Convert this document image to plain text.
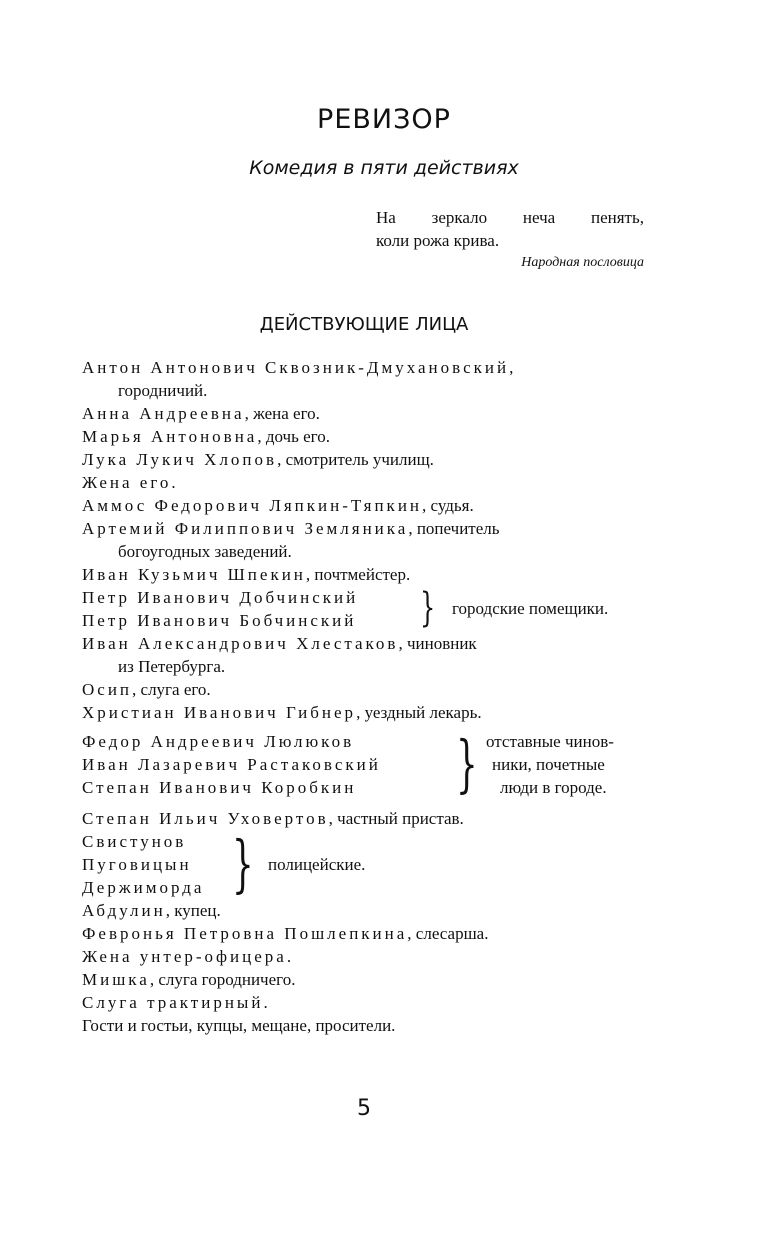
РЕВИЗОР
Комедия в пяти действиях
На зеркало неча пенять,
коли рожа крива.
Народная пословица
ДЕЙСТВУЮЩИЕ ЛИЦА
Антон Антонович Сквозник-Дмухановский,
городничий.
Анна Андреевна, жена его.
Марья Антоновна, дочь его.
Лука Лукич Хлопов, смотритель училищ.
Жена его.
Аммос Федорович Ляпкин-Тяпкин, судья.
Артемий Филиппович Земляника, попечитель
богоугодных заведений.
Иван Кузьмич Шпекин, почтмейстер.
Петр Иванович Добчинский
Петр Иванович Бобчинский	} городские помещики.
Иван Александрович Хлестаков, чиновник
из Петербурга.
Осип, слуга его.
Христиан Иванович Гибнер, уездный лекарь.
Федор Андреевич Люлюков
Иван Лазаревич Растаковский
Степан Иванович Коробкин	} отставные чинов-
ники, почетные
люди в городе.
Степан Ильич Уховертов, частный пристав.
Свистунов
Пуговицын
Держиморда } полицейские.
Абдулин, купец.
Февронья Петровна Пошлепкина, слесарша.
Жена унтер-офицера.
Мишка, слуга городничего.
Слуга трактирный.
Гости и гостьи, купцы, мещане, просители.
5
